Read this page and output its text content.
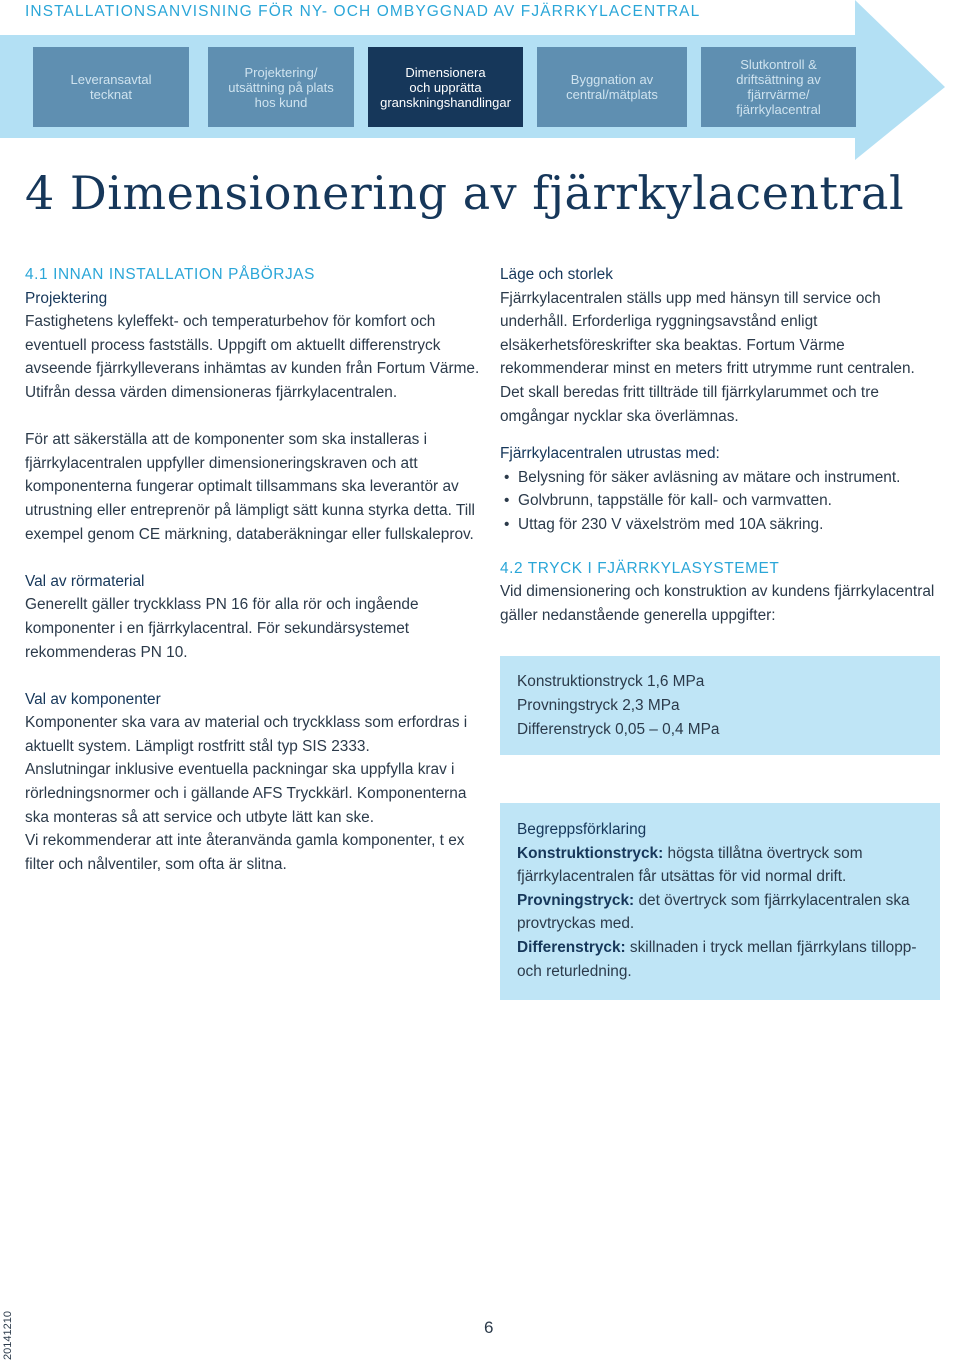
INSTALLATIONSANVISNING FÖR NY- OCH OMBYGGNAD AV FJÄRRKYLACENTRAL
Leveransavtal
tecknat
Projektering/
utsättning på plats
hos kund
Dimensionera
och upprätta
granskningshandlingar
Byggnation av
central/mätplats
Slutkontroll &
driftsättning av
fjärrvärme/
fjärrkylacentral
4 Dimensionering av fjärrkylacentral

4.1 INNAN INSTALLATION PÅBÖRJAS

Projektering

Fastighetens kyleffekt- och temperaturbehov för komfort och eventuell process fastställs. Uppgift om aktuellt differenstryck avseende fjärrkylleverans inhämtas av kunden från Fortum Värme. Utifrån dessa värden dimensioneras fjärrkylacentralen.

För att säkerställa att de komponenter som ska installeras i fjärrkylacentralen uppfyller dimensioneringskraven och att komponenterna fungerar optimalt tillsammans ska leverantör av utrustning eller entreprenör på lämpligt sätt kunna styrka detta. Till exempel genom CE märkning, databeräkningar eller fullskaleprov.

Val av rörmaterial

Generellt gäller tryckklass PN 16 för alla rör och ingående komponenter i en fjärrkylacentral. För sekundärsystemet rekommenderas PN 10.

Val av komponenter

Komponenter ska vara av material och tryckklass som erfordras i aktuellt system. Lämpligt rostfritt stål typ SIS 2333.

Anslutningar inklusive eventuella packningar ska uppfylla krav i rörledningsnormer och i gällande AFS Tryckkärl. Komponenterna ska monteras så att service och utbyte lätt kan ske.

Vi rekommenderar att inte återanvända gamla komponenter, t ex filter och nålventiler, som ofta är slitna.

Läge och storlek

Fjärrkylacentralen ställs upp med hänsyn till service och underhåll. Erforderliga ryggningsavstånd enligt elsäkerhetsföreskrifter ska beaktas. Fortum Värme rekommenderar minst en meters fritt utrymme runt centralen. Det skall beredas fritt tillträde till fjärrkylarummet och tre omgångar nycklar ska överlämnas.

Fjärrkylacentralen utrustas med:

• Belysning för säker avläsning av mätare och instrument.
• Golvbrunn, tappställe för kall- och varmvatten.
• Uttag för 230 V växelström med 10A säkring.

4.2 TRYCK I FJÄRRKYLASYSTEMET

Vid dimensionering och konstruktion av kundens fjärrkylacentral gäller nedanstående generella uppgifter:

Konstruktionstryck 1,6 MPa

Provningstryck 2,3 MPa

Differenstryck 0,05 – 0,4 MPa

Begreppsförklaring

Konstruktionstryck: högsta tillåtna övertryck som fjärrkylacentralen får utsättas för vid normal drift.

Provningstryck: det övertryck som fjärrkylacentralen ska provtryckas med.

Differenstryck: skillnaden i tryck mellan fjärrkylans tillopp- och returledning.

6
20141210
